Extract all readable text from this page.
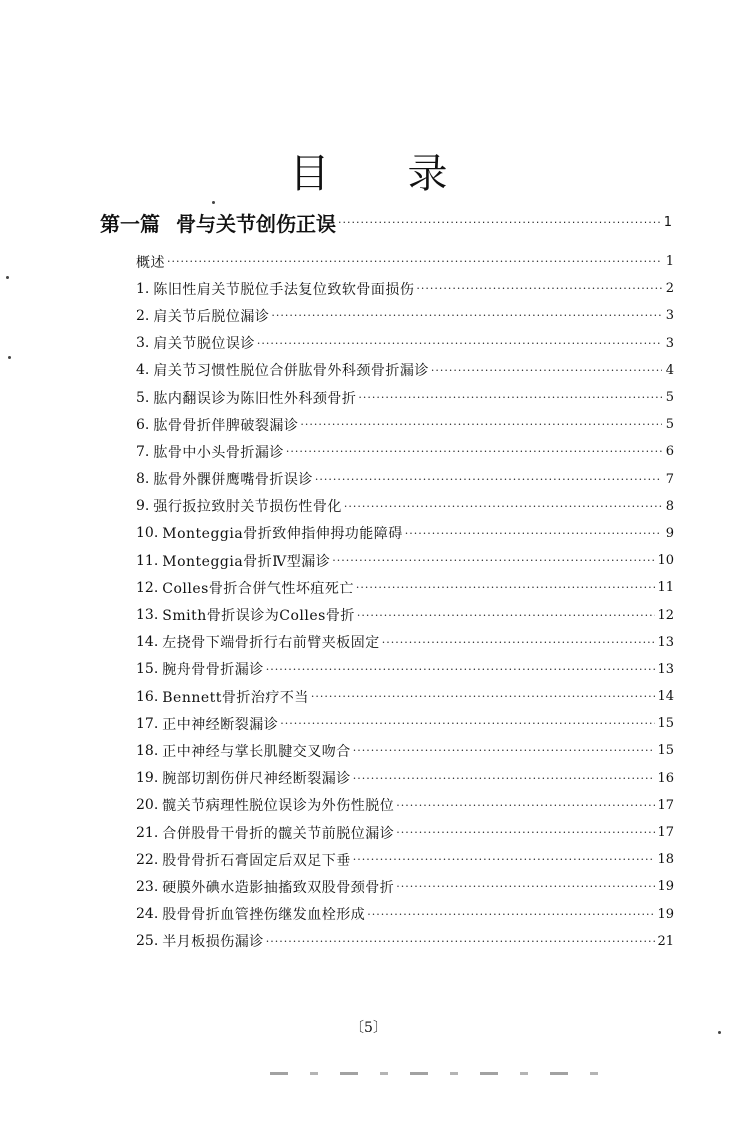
目 录
第一篇 骨与关节创伤正误 ·····	1
概述 ·····	1
1. 陈旧性肩关节脱位手法复位致软骨面损伤 ·····	2
2. 肩关节后脱位漏诊 ·····	3
3. 肩关节脱位误诊 ·····	3
4. 肩关节习惯性脱位合併肱骨外科颈骨折漏诊 ·····	4
5. 肱内翻误诊为陈旧性外科颈骨折 ·····	5
6. 肱骨骨折伴脾破裂漏诊 ·····	5
7. 肱骨中小头骨折漏诊 ·····	6
8. 肱骨外髁併鹰嘴骨折误诊 ·····	7
9. 强行扳拉致肘关节损伤性骨化 ·····	8
10. Monteggia骨折致伸指伸拇功能障碍 ·····	9
11. Monteggia骨折Ⅳ型漏诊 ·····	10
12. Colles骨折合併气性坏疽死亡 ·····	11
13. Smith骨折误诊为Colles骨折 ·····	12
14. 左挠骨下端骨折行右前臂夹板固定 ·····	13
15. 腕舟骨骨折漏诊 ·····	13
16. Bennett骨折治疗不当 ·····	14
17. 正中神经断裂漏诊 ·····	15
18. 正中神经与掌长肌腱交叉吻合 ·····	15
19. 腕部切割伤併尺神经断裂漏诊 ·····	16
20. 髋关节病理性脱位误诊为外伤性脱位 ·····	17
21. 合併股骨干骨折的髋关节前脱位漏诊 ·····	17
22. 股骨骨折石膏固定后双足下垂 ·····	18
23. 硬膜外碘水造影抽搐致双股骨颈骨折 ·····	19
24. 股骨骨折血管挫伤继发血栓形成 ·····	19
25. 半月板损伤漏诊 ·····	21
〔5〕
